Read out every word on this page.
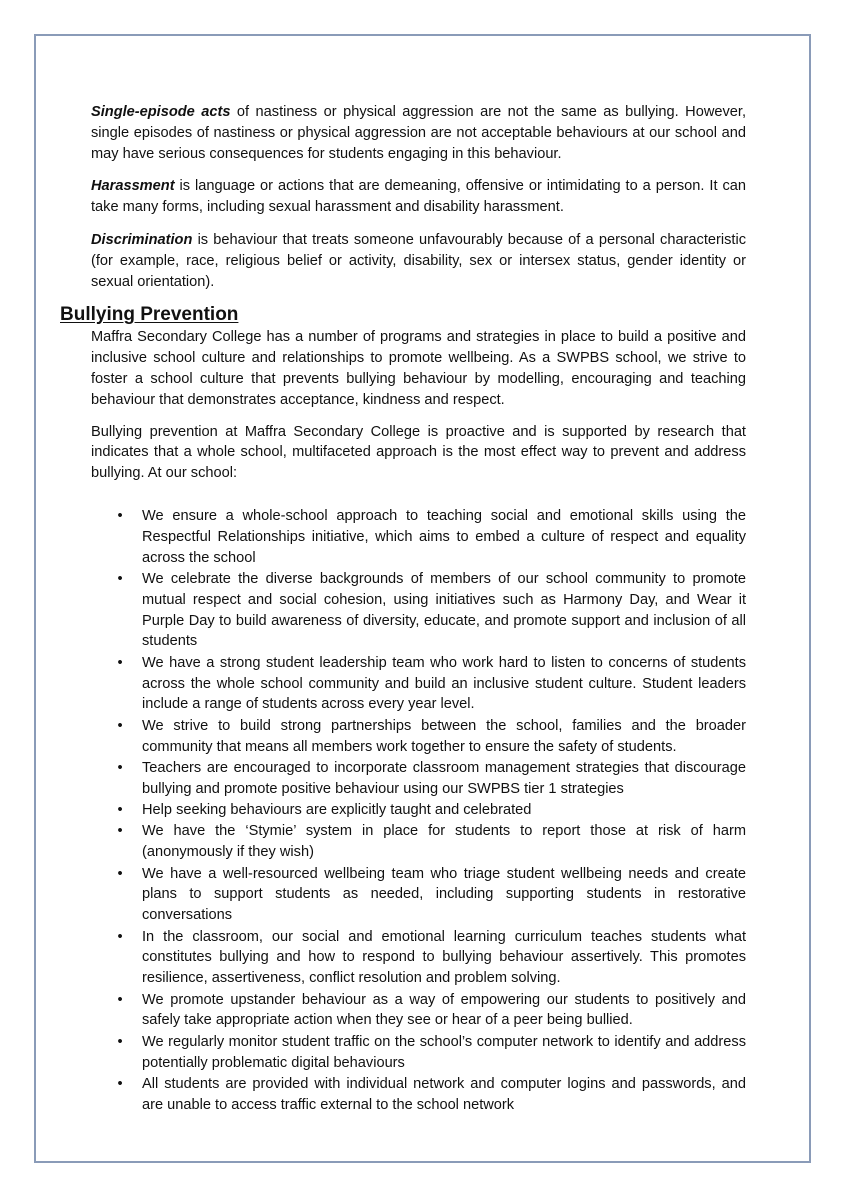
Single-episode acts of nastiness or physical aggression are not the same as bullying. However, single episodes of nastiness or physical aggression are not acceptable behaviours at our school and may have serious consequences for students engaging in this behaviour.

Harassment is language or actions that are demeaning, offensive or intimidating to a person. It can take many forms, including sexual harassment and disability harassment.

Discrimination is behaviour that treats someone unfavourably because of a personal characteristic (for example, race, religious belief or activity, disability, sex or intersex status, gender identity or sexual orientation).

Bullying Prevention

Maffra Secondary College has a number of programs and strategies in place to build a positive and inclusive school culture and relationships to promote wellbeing. As a SWPBS school, we strive to foster a school culture that prevents bullying behaviour by modelling, encouraging and teaching behaviour that demonstrates acceptance, kindness and respect.

Bullying prevention at Maffra Secondary College is proactive and is supported by research that indicates that a whole school, multifaceted approach is the most effect way to prevent and address bullying. At our school:

• We ensure a whole-school approach to teaching social and emotional skills using the Respectful Relationships initiative, which aims to embed a culture of respect and equality across the school
• We celebrate the diverse backgrounds of members of our school community to promote mutual respect and social cohesion, using initiatives such as Harmony Day, and Wear it Purple Day to build awareness of diversity, educate, and promote support and inclusion of all students
• We have a strong student leadership team who work hard to listen to concerns of students across the whole school community and build an inclusive student culture. Student leaders include a range of students across every year level.
• We strive to build strong partnerships between the school, families and the broader community that means all members work together to ensure the safety of students.
• Teachers are encouraged to incorporate classroom management strategies that discourage bullying and promote positive behaviour using our SWPBS tier 1 strategies
• Help seeking behaviours are explicitly taught and celebrated
• We have the ‘Stymie’ system in place for students to report those at risk of harm (anonymously if they wish)
• We have a well-resourced wellbeing team who triage student wellbeing needs and create plans to support students as needed, including supporting students in restorative conversations
• In the classroom, our social and emotional learning curriculum teaches students what constitutes bullying and how to respond to bullying behaviour assertively. This promotes resilience, assertiveness, conflict resolution and problem solving.
• We promote upstander behaviour as a way of empowering our students to positively and safely take appropriate action when they see or hear of a peer being bullied.
• We regularly monitor student traffic on the school’s computer network to identify and address potentially problematic digital behaviours
• All students are provided with individual network and computer logins and passwords, and are unable to access traffic external to the school network
